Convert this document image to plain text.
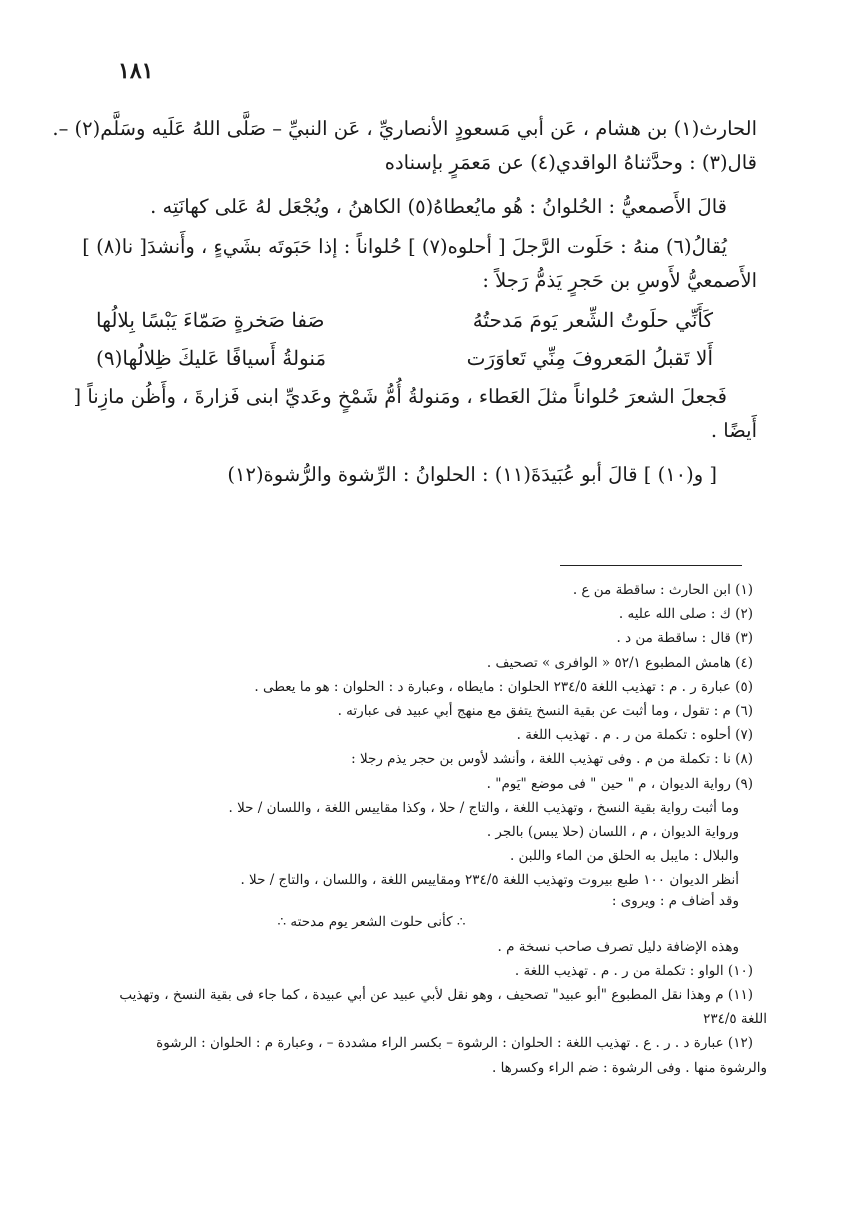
١٨١
الحارث(١) بن هشام ، عَن أبي مَسعودٍ الأنصاريِّ ، عَن النبيِّ – صَلَّى اللهُ عَلَيه وسَلَّم(٢) –.
قال(٣) : وحدَّثناهُ الواقدي(٤) عن مَعمَرٍ بإسناده
قالَ الأَصمعيُّ : الحُلوانُ : هُو مايُعطاهُ(٥) الكاهنُ ، ويُجْعَل لهُ عَلى كهانَتِه .
يُقالُ(٦) منهُ : حَلَوت الرَّجلَ [ أحلوه(٧) ] حُلواناً : إذا حَبَوتَه بشَيءٍ ، وأَنشدَ[ نا(٨) ]
الأَصمعيُّ لأَوسِ بن حَجرٍ يَذمُّ رَجلاً :
كَأَنِّي حلَوتُ الشِّعر يَومَ مَدحتُهُ
صَفا صَخرةٍ صَمّاءَ يَبْسًا بِلالُها
أَلا تَقبلُ المَعروفَ مِنِّي تَعاوَرَت
مَنولةُ أَسيافًا عَليكَ ظِلالُها(٩)
فَجعلَ الشعرَ حُلواناً مثلَ العَطاء ، ومَنولةُ أُمُّ شَمْخٍ وعَديِّ ابنى فَزارةَ ، وأَظُن مازِناً [
أَيضًا .
[ و(١٠) ] قالَ أبو عُبَيدَةَ(١١) : الحلوانُ : الرِّشوة والرُّشوة(١٢)
(١) ابن الحارث : ساقطة من ع .
(٢) ك : صلى الله عليه .
(٣) قال : ساقطة من د .
(٤) هامش المطبوع ٥٢/١ « الوافرى » تصحيف .
(٥) عبارة ر . م : تهذيب اللغة ٢٣٤/٥ الحلوان : مايطاه ، وعبارة د : الحلوان : هو ما يعطى .
(٦) م : تقول ، وما أثبت عن بقية النسخ يتفق مع منهج أبي عبيد فى عبارته .
(٧) أحلوه : تكملة من ر . م . تهذيب اللغة .
(٨) نا : تكملة من م . وفى تهذيب اللغة ، وأنشد لأوس بن حجر يذم رجلا :
(٩) رواية الديوان ، م " حين " فى موضع "يَوم" .
وما أثبت رواية بقية النسخ ، وتهذيب اللغة ، والتاج / حلا ، وكذا مقاييس اللغة ، واللسان / حلا .
ورواية الديوان ، م ، اللسان (حلا يبس) بالجر .
والبلال : مايبل به الحلق من الماء واللبن .
أنظر الديوان ١٠٠ طبع بيروت وتهذيب اللغة ٢٣٤/٥ ومقاييس اللغة ، واللسان ، والتاج / حلا .
وقد أضاف م : ويروى :
∴ كأنى حلوت الشعر يوم مدحته ∴
وهذه الإضافة دليل تصرف صاحب نسخة م .
(١٠) الواو : تكملة من ر . م . تهذيب اللغة .
(١١) م وهذا نقل المطبوع "أبو عبيد" تصحيف ، وهو نقل لأبي عبيد عن أبي عبيدة ، كما جاء فى بقية النسخ ، وتهذيب
اللغة ٢٣٤/٥
(١٢) عبارة د . ر . ع . تهذيب اللغة : الحلوان : الرشوة – بكسر الراء مشددة – ، وعبارة م : الحلوان : الرشوة
والرشوة منها . وفى الرشوة : ضم الراء وكسرها .
